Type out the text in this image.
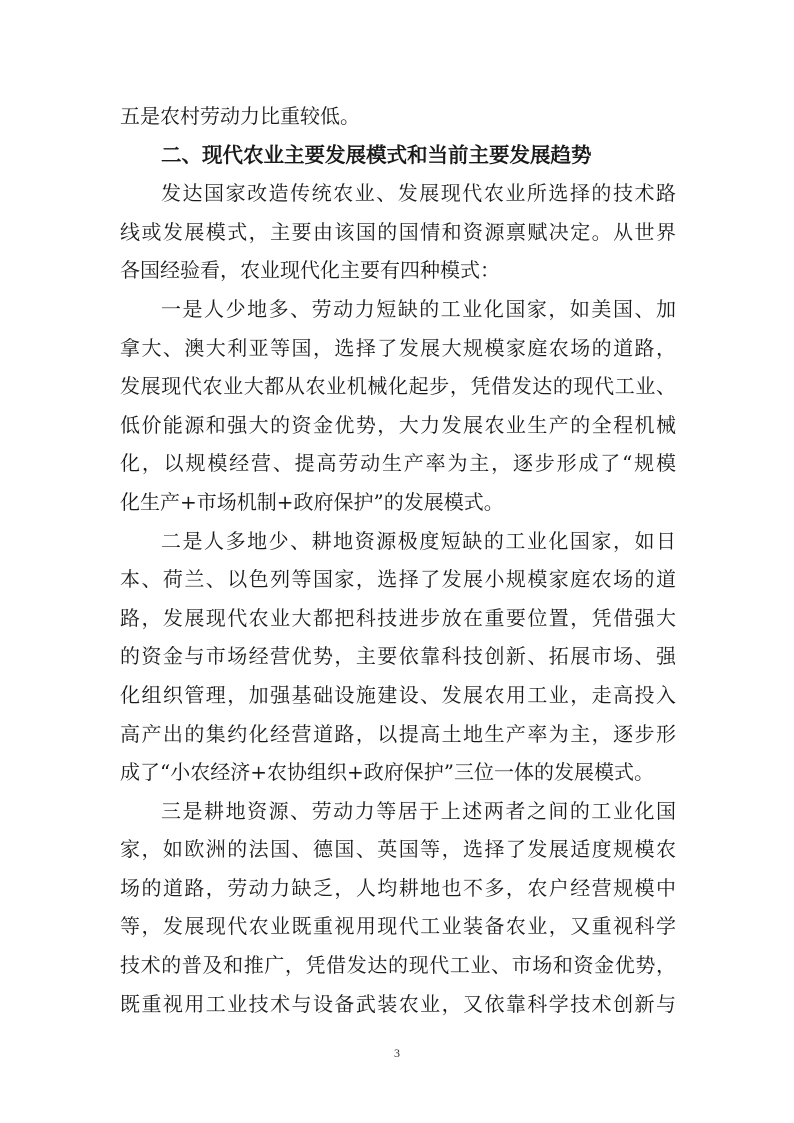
五是农村劳动力比重较低。
二、现代农业主要发展模式和当前主要发展趋势
发达国家改造传统农业、发展现代农业所选择的技术路
线或发展模式，主要由该国的国情和资源禀赋决定。从世界
各国经验看，农业现代化主要有四种模式：
一是人少地多、劳动力短缺的工业化国家，如美国、加
拿大、澳大利亚等国，选择了发展大规模家庭农场的道路，
发展现代农业大都从农业机械化起步，凭借发达的现代工业、
低价能源和强大的资金优势，大力发展农业生产的全程机械
化，以规模经营、提高劳动生产率为主，逐步形成了“规模
化生产+市场机制+政府保护”的发展模式。
二是人多地少、耕地资源极度短缺的工业化国家，如日
本、荷兰、以色列等国家，选择了发展小规模家庭农场的道
路，发展现代农业大都把科技进步放在重要位置，凭借强大
的资金与市场经营优势，主要依靠科技创新、拓展市场、强
化组织管理，加强基础设施建设、发展农用工业，走高投入
高产出的集约化经营道路，以提高土地生产率为主，逐步形
成了“小农经济+农协组织+政府保护”三位一体的发展模式。
三是耕地资源、劳动力等居于上述两者之间的工业化国
家，如欧洲的法国、德国、英国等，选择了发展适度规模农
场的道路，劳动力缺乏，人均耕地也不多，农户经营规模中
等，发展现代农业既重视用现代工业装备农业，又重视科学
技术的普及和推广，凭借发达的现代工业、市场和资金优势，
既重视用工业技术与设备武装农业，又依靠科学技术创新与
3
